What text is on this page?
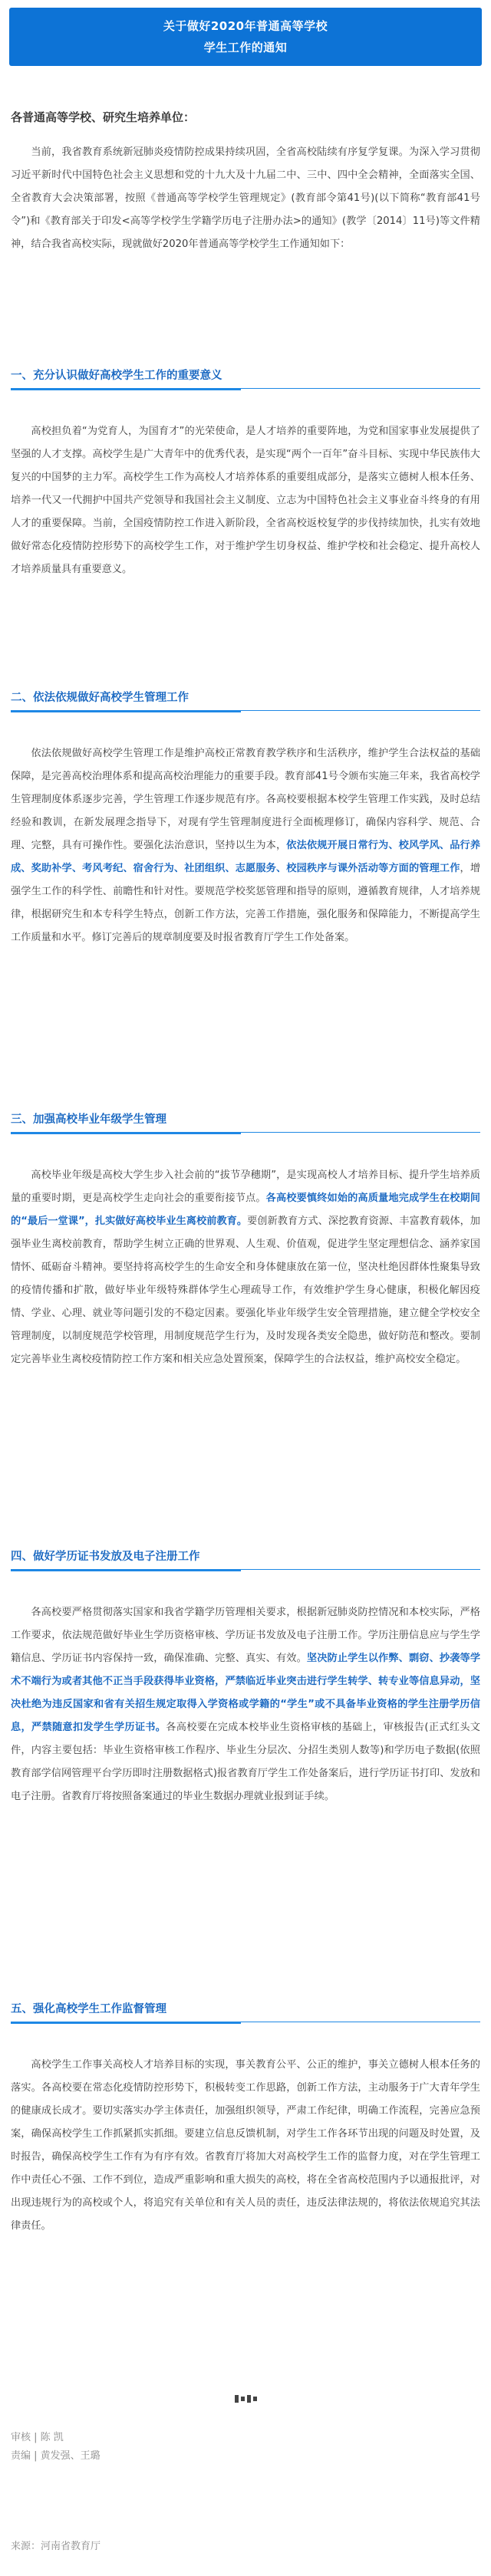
关于做好2020年普通高等学校
学生工作的通知
各普通高等学校、研究生培养单位：

当前，我省教育系统新冠肺炎疫情防控成果持续巩固，全省高校陆续有序复学复课。为深入学习贯彻习近平新时代中国特色社会主义思想和党的十九大及十九届二中、三中、四中全会精神，全面落实全国、全省教育大会决策部署，按照《普通高等学校学生管理规定》(教育部令第41号)(以下简称“教育部41号令”)和《教育部关于印发<高等学校学生学籍学历电子注册办法>的通知》(教学〔2014〕11号)等文件精神，结合我省高校实际，现就做好2020年普通高等学校学生工作通知如下：

一、充分认识做好高校学生工作的重要意义

高校担负着“为党育人，为国育才”的光荣使命，是人才培养的重要阵地，为党和国家事业发展提供了坚强的人才支撑。高校学生是广大青年中的优秀代表，是实现“两个一百年”奋斗目标、实现中华民族伟大复兴的中国梦的主力军。高校学生工作为高校人才培养体系的重要组成部分，是落实立德树人根本任务、培养一代又一代拥护中国共产党领导和我国社会主义制度、立志为中国特色社会主义事业奋斗终身的有用人才的重要保障。当前，全国疫情防控工作进入新阶段，全省高校返校复学的步伐持续加快，扎实有效地做好常态化疫情防控形势下的高校学生工作，对于维护学生切身权益、维护学校和社会稳定、提升高校人才培养质量具有重要意义。

二、依法依规做好高校学生管理工作

依法依规做好高校学生管理工作是维护高校正常教育教学秩序和生活秩序，维护学生合法权益的基础保障，是完善高校治理体系和提高高校治理能力的重要手段。教育部41号令颁布实施三年来，我省高校学生管理制度体系逐步完善，学生管理工作逐步规范有序。各高校要根据本校学生管理工作实践，及时总结经验和教训，在新发展理念指导下，对现有学生管理制度进行全面梳理修订，确保内容科学、规范、合理、完整，具有可操作性。要强化法治意识，坚持以生为本，依法依规开展日常行为、校风学风、品行养成、奖助补学、考风考纪、宿舍行为、社团组织、志愿服务、校园秩序与课外活动等方面的管理工作，增强学生工作的科学性、前瞻性和针对性。要规范学校奖惩管理和指导的原则，遵循教育规律，人才培养规律，根据研究生和本专科学生特点，创新工作方法，完善工作措施，强化服务和保障能力，不断提高学生工作质量和水平。修订完善后的规章制度要及时报省教育厅学生工作处备案。

三、加强高校毕业年级学生管理

高校毕业年级是高校大学生步入社会前的“拔节孕穗期”，是实现高校人才培养目标、提升学生培养质量的重要时期，更是高校学生走向社会的重要衔接节点。各高校要慎终如始的高质量地完成学生在校期间的“最后一堂课”，扎实做好高校毕业生离校前教育。要创新教育方式、深挖教育资源、丰富教育载体，加强毕业生离校前教育，帮助学生树立正确的世界观、人生观、价值观，促进学生坚定理想信念、涵养家国情怀、砥砺奋斗精神。要坚持将高校学生的生命安全和身体健康放在第一位，坚决杜绝因群体性聚集导致的疫情传播和扩散，做好毕业年级特殊群体学生心理疏导工作，有效维护学生身心健康，积极化解因疫情、学业、心理、就业等问题引发的不稳定因素。要强化毕业年级学生安全管理措施，建立健全学校安全管理制度，以制度规范学校管理，用制度规范学生行为，及时发现各类安全隐患，做好防范和整改。要制定完善毕业生离校疫情防控工作方案和相关应急处置预案，保障学生的合法权益，维护高校安全稳定。

四、做好学历证书发放及电子注册工作

各高校要严格贯彻落实国家和我省学籍学历管理相关要求，根据新冠肺炎防控情况和本校实际，严格工作要求，依法规范做好毕业生学历资格审核、学历证书发放及电子注册工作。学历注册信息应与学生学籍信息、学历证书内容保持一致，确保准确、完整、真实、有效。坚决防止学生以作弊、剽窃、抄袭等学术不端行为或者其他不正当手段获得毕业资格，严禁临近毕业突击进行学生转学、转专业等信息异动，坚决杜绝为违反国家和省有关招生规定取得入学资格或学籍的“学生”或不具备毕业资格的学生注册学历信息，严禁随意扣发学生学历证书。各高校要在完成本校毕业生资格审核的基础上，审核报告(正式红头文件，内容主要包括：毕业生资格审核工作程序、毕业生分层次、分招生类别人数等)和学历电子数据(依照教育部学信网管理平台学历即时注册数据格式)报省教育厅学生工作处备案后，进行学历证书打印、发放和电子注册。省教育厅将按照备案通过的毕业生数据办理就业报到证手续。

五、强化高校学生工作监督管理

高校学生工作事关高校人才培养目标的实现，事关教育公平、公正的维护，事关立德树人根本任务的落实。各高校要在常态化疫情防控形势下，积极转变工作思路，创新工作方法，主动服务于广大青年学生的健康成长成才。要切实落实办学主体责任，加强组织领导，严肃工作纪律，明确工作流程，完善应急预案，确保高校学生工作抓紧抓实抓细。要建立信息反馈机制，对学生工作各环节出现的问题及时处置，及时报告，确保高校学生工作有为有序有效。省教育厅将加大对高校学生工作的监督力度，对在学生管理工作中责任心不强、工作不到位，造成严重影响和重大损失的高校，将在全省高校范围内予以通报批评，对出现违规行为的高校或个人，将追究有关单位和有关人员的责任，违反法律法规的，将依法依规追究其法律责任。

审核 | 陈 凯
责编 | 黄发强、王璐
来源：河南省教育厅
